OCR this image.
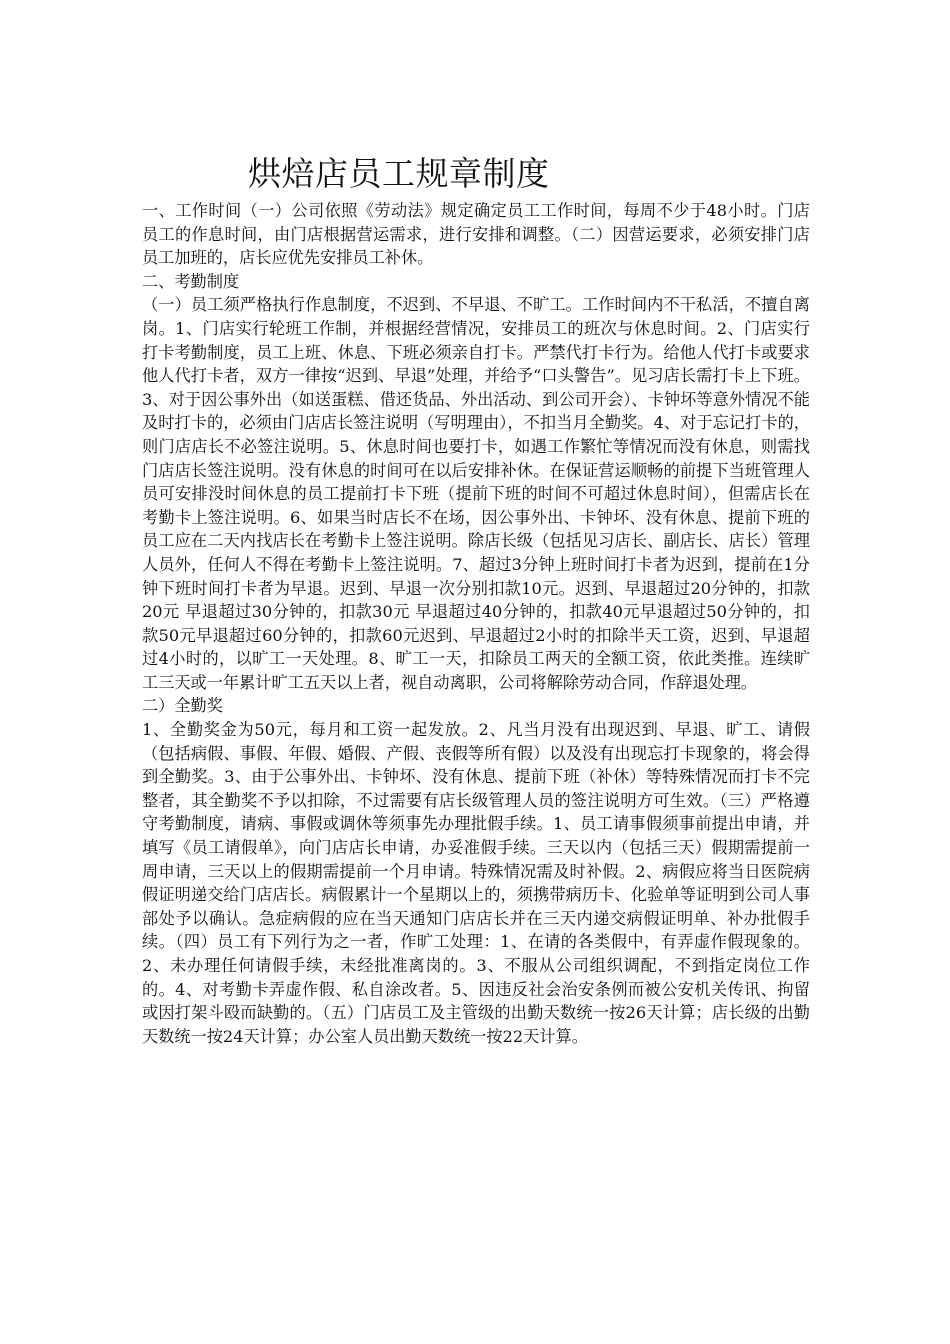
烘焙店员工规章制度

一、工作时间（一）公司依照《劳动法》规定确定员工工作时间，每周不少于48小时。门店员工的作息时间，由门店根据营运需求，进行安排和调整。（二）因营运要求，必须安排门店员工加班的，店长应优先安排员工补休。

二、考勤制度

（一）员工须严格执行作息制度，不迟到、不早退、不旷工。工作时间内不干私活，不擅自离岗。1、门店实行轮班工作制，并根据经营情况，安排员工的班次与休息时间。2、门店实行打卡考勤制度，员工上班、休息、下班必须亲自打卡。严禁代打卡行为。给他人代打卡或要求他人代打卡者，双方一律按“迟到、早退”处理，并给予“口头警告”。见习店长需打卡上下班。3、对于因公事外出（如送蛋糕、借还货品、外出活动、到公司开会）、卡钟坏等意外情况不能及时打卡的，必须由门店店长签注说明（写明理由），不扣当月全勤奖。4、对于忘记打卡的，则门店店长不必签注说明。5、休息时间也要打卡，如遇工作繁忙等情况而没有休息，则需找门店店长签注说明。没有休息的时间可在以后安排补休。在保证营运顺畅的前提下当班管理人员可安排没时间休息的员工提前打卡下班（提前下班的时间不可超过休息时间），但需店长在考勤卡上签注说明。6、如果当时店长不在场，因公事外出、卡钟坏、没有休息、提前下班的员工应在二天内找店长在考勤卡上签注说明。除店长级（包括见习店长、副店长、店长）管理人员外，任何人不得在考勤卡上签注说明。7、超过3分钟上班时间打卡者为迟到，提前在1分钟下班时间打卡者为早退。迟到、早退一次分别扣款10元。迟到、早退超过20分钟的，扣款20元 早退超过30分钟的，扣款30元 早退超过40分钟的，扣款40元早退超过50分钟的，扣款50元早退超过60分钟的，扣款60元迟到、早退超过2小时的扣除半天工资，迟到、早退超过4小时的，以旷工一天处理。8、旷工一天，扣除员工两天的全额工资，依此类推。连续旷工三天或一年累计旷工五天以上者，视自动离职，公司将解除劳动合同，作辞退处理。

二）全勤奖

1、全勤奖金为50元，每月和工资一起发放。2、凡当月没有出现迟到、早退、旷工、请假（包括病假、事假、年假、婚假、产假、丧假等所有假）以及没有出现忘打卡现象的，将会得到全勤奖。3、由于公事外出、卡钟坏、没有休息、提前下班（补休）等特殊情况而打卡不完整者，其全勤奖不予以扣除，不过需要有店长级管理人员的签注说明方可生效。（三）严格遵守考勤制度，请病、事假或调休等须事先办理批假手续。1、员工请事假须事前提出申请，并填写《员工请假单》，向门店店长申请，办妥准假手续。三天以内（包括三天）假期需提前一周申请，三天以上的假期需提前一个月申请。特殊情况需及时补假。2、病假应将当日医院病假证明递交给门店店长。病假累计一个星期以上的，须携带病历卡、化验单等证明到公司人事部处予以确认。急症病假的应在当天通知门店店长并在三天内递交病假证明单、补办批假手续。（四）员工有下列行为之一者，作旷工处理：1、在请的各类假中，有弄虚作假现象的。2、未办理任何请假手续，未经批准离岗的。3、不服从公司组织调配，不到指定岗位工作的。4、对考勤卡弄虚作假、私自涂改者。5、因违反社会治安条例而被公安机关传讯、拘留或因打架斗殴而缺勤的。（五）门店员工及主管级的出勤天数统一按26天计算；店长级的出勤天数统一按24天计算；办公室人员出勤天数统一按22天计算。
